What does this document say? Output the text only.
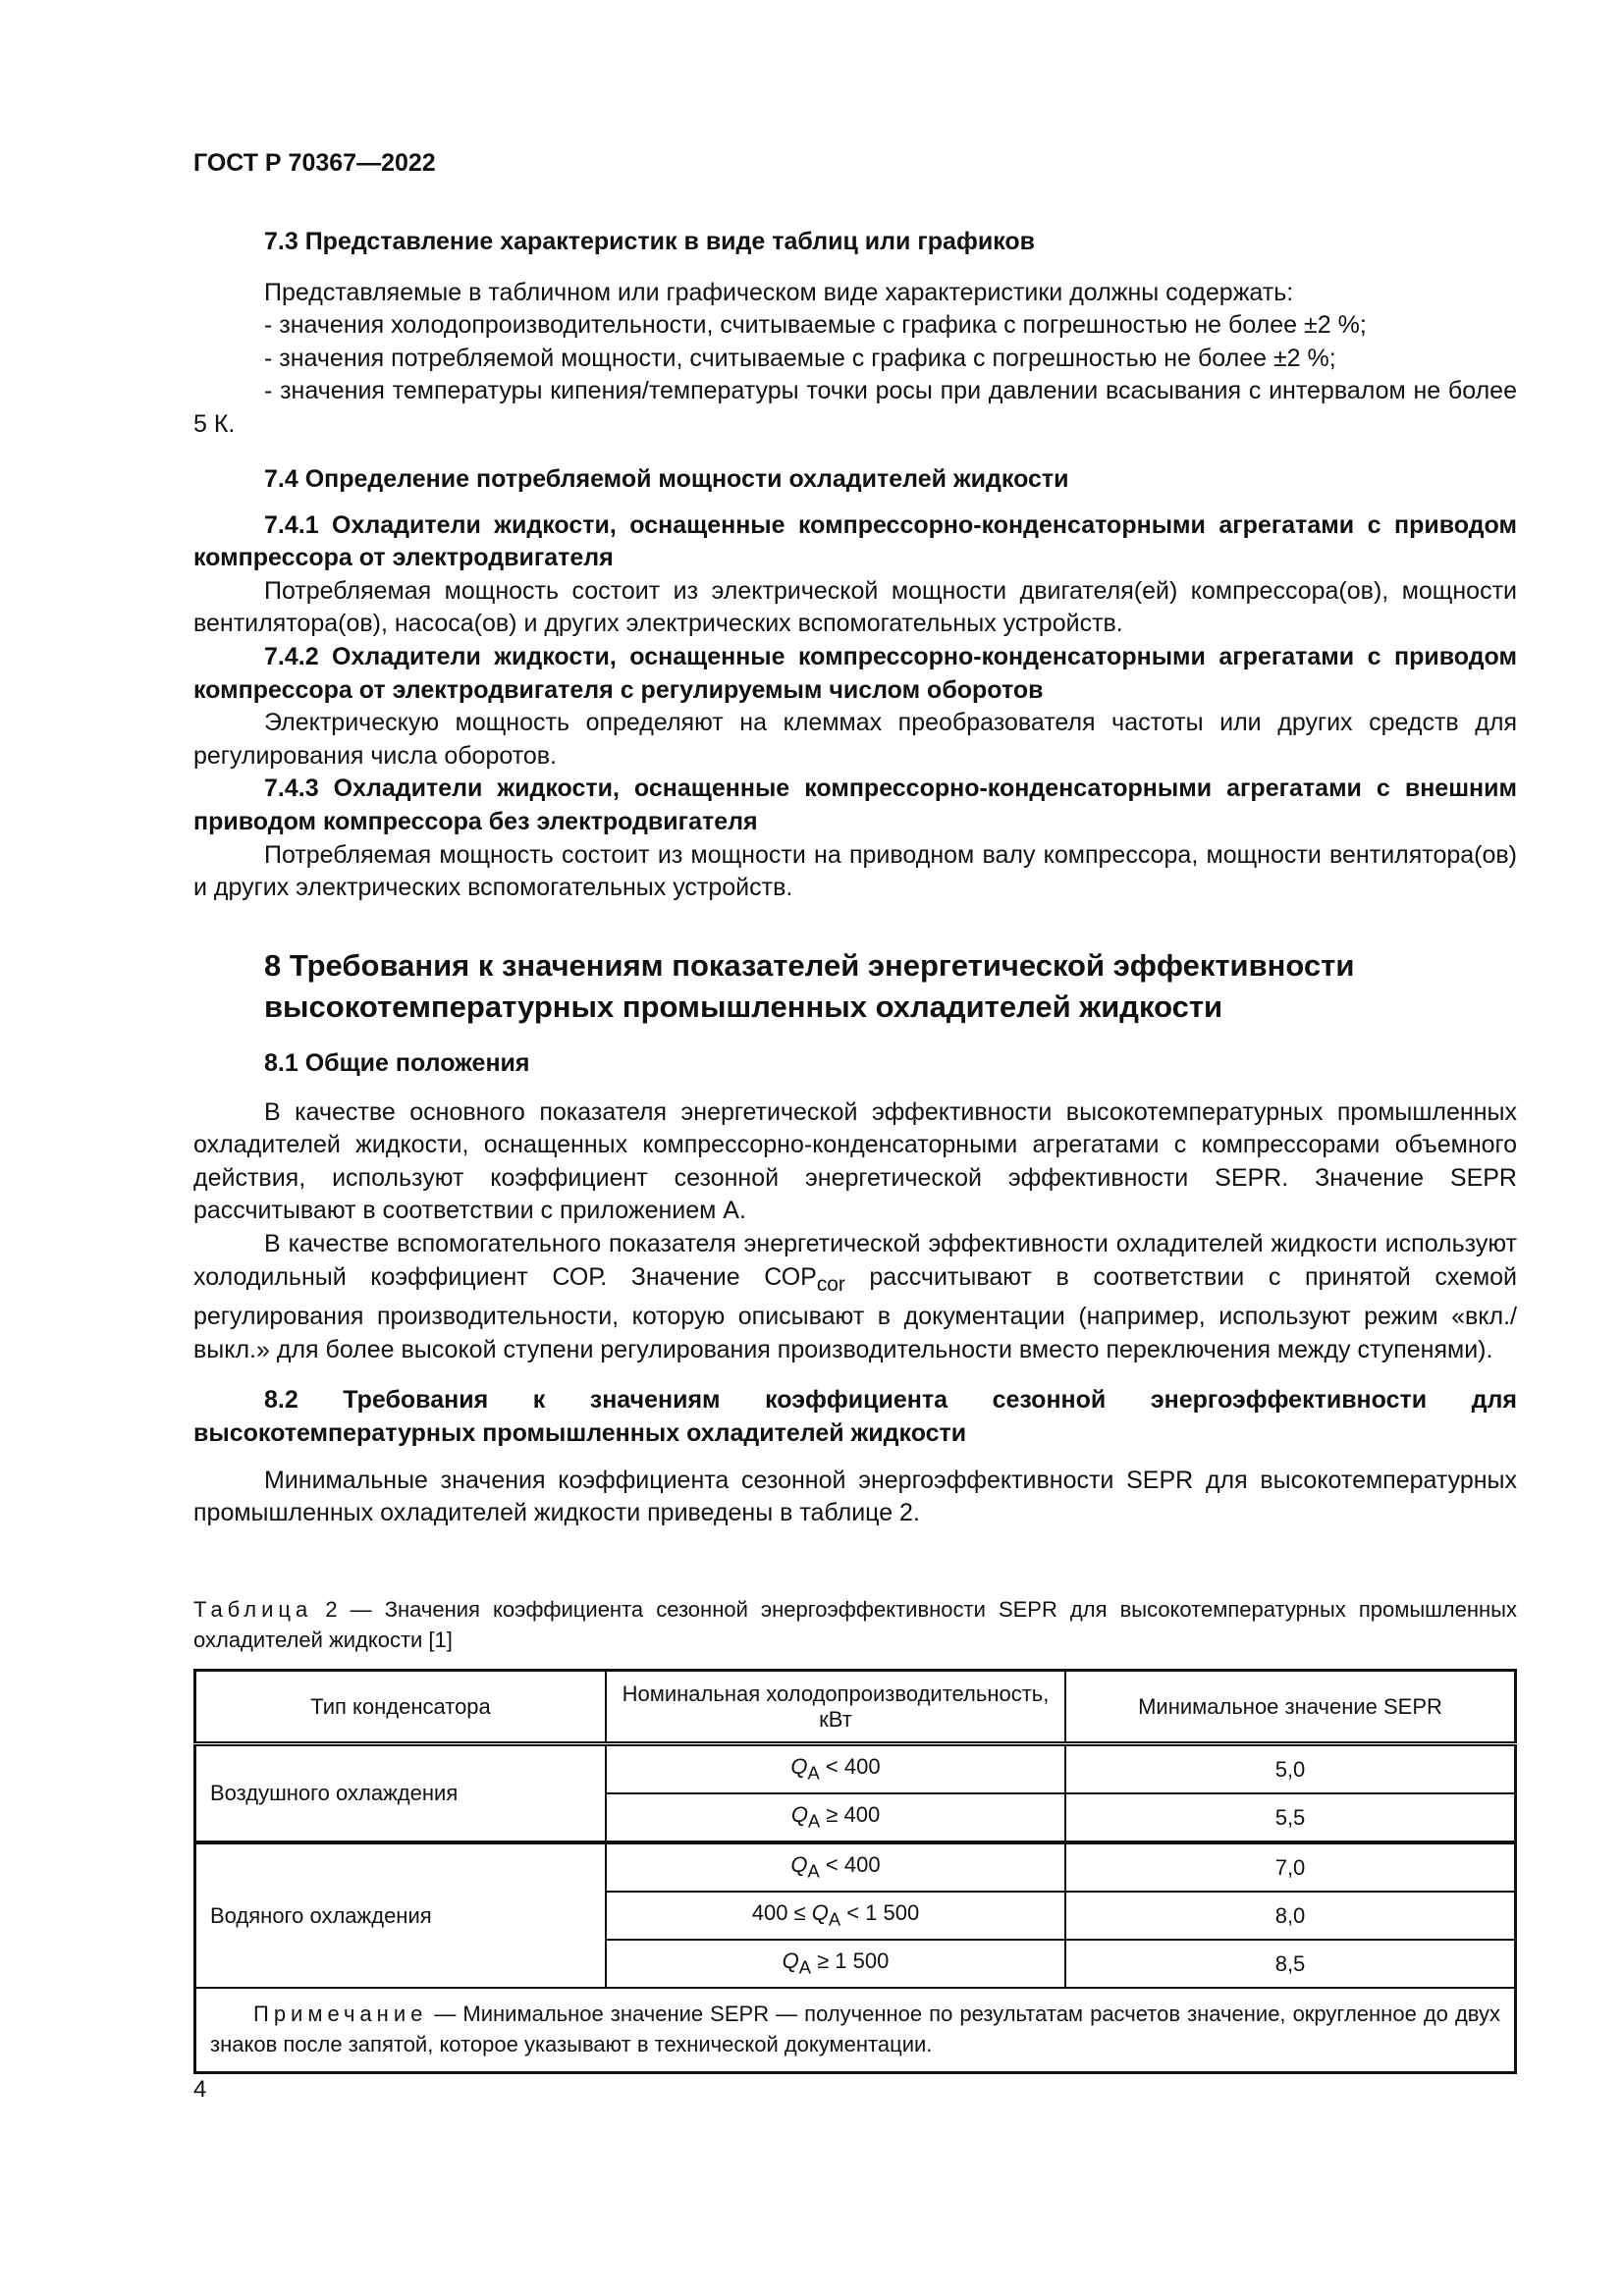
ГОСТ Р 70367—2022

7.3 Представление характеристик в виде таблиц или графиков

Представляемые в табличном или графическом виде характеристики должны содержать:

- значения холодопроизводительности, считываемые с графика с погрешностью не более ±2 %;

- значения потребляемой мощности, считываемые с графика с погрешностью не более ±2 %;

- значения температуры кипения/температуры точки росы при давлении всасывания с интервалом не более 5 К.

7.4 Определение потребляемой мощности охладителей жидкости

7.4.1 Охладители жидкости, оснащенные компрессорно-конденсаторными агрегатами с приводом компрессора от электродвигателя

Потребляемая мощность состоит из электрической мощности двигателя(ей) компрессора(ов), мощности вентилятора(ов), насоса(ов) и других электрических вспомогательных устройств.

7.4.2 Охладители жидкости, оснащенные компрессорно-конденсаторными агрегатами с приводом компрессора от электродвигателя с регулируемым числом оборотов

Электрическую мощность определяют на клеммах преобразователя частоты или других средств для регулирования числа оборотов.

7.4.3 Охладители жидкости, оснащенные компрессорно-конденсаторными агрегатами с внешним приводом компрессора без электродвигателя

Потребляемая мощность состоит из мощности на приводном валу компрессора, мощности вентилятора(ов) и других электрических вспомогательных устройств.

8 Требования к значениям показателей энергетической эффективности высокотемпературных промышленных охладителей жидкости

8.1 Общие положения

В качестве основного показателя энергетической эффективности высокотемпературных промышленных охладителей жидкости, оснащенных компрессорно-конденсаторными агрегатами с компрессорами объемного действия, используют коэффициент сезонной энергетической эффективности SEPR. Значение SEPR рассчитывают в соответствии с приложением А.

В качестве вспомогательного показателя энергетической эффективности охладителей жидкости используют холодильный коэффициент СОР. Значение $СОР_{cor}$ рассчитывают в соответствии с принятой схемой регулирования производительности, которую описывают в документации (например, используют режим «вкл./выкл.» для более высокой ступени регулирования производительности вместо переключения между ступенями).

8.2 Требования к значениям коэффициента сезонной энергоэффективности для высокотемпературных промышленных охладителей жидкости

Минимальные значения коэффициента сезонной энергоэффективности SEPR для высокотемпературных промышленных охладителей жидкости приведены в таблице 2.

Таблица 2 — Значения коэффициента сезонной энергоэффективности SEPR для высокотемпературных промышленных охладителей жидкости [1]

Тип конденсатора	Номинальная холодопроизводительность, кВт	Минимальное значение SEPR
Воздушного охлаждения	$Q_A < 400$	5,0
	$Q_A \ge 400$	5,5
Водяного охлаждения	$Q_A < 400$	7,0
	$400 \le Q_A < 1$ 500	8,0
	$Q_A \ge 1$ 500	8,5
Примечание — Минимальное значение SEPR — полученное по результатам расчетов значение, округленное до двух знаков после запятой, которое указывают в технической документации.		
4
